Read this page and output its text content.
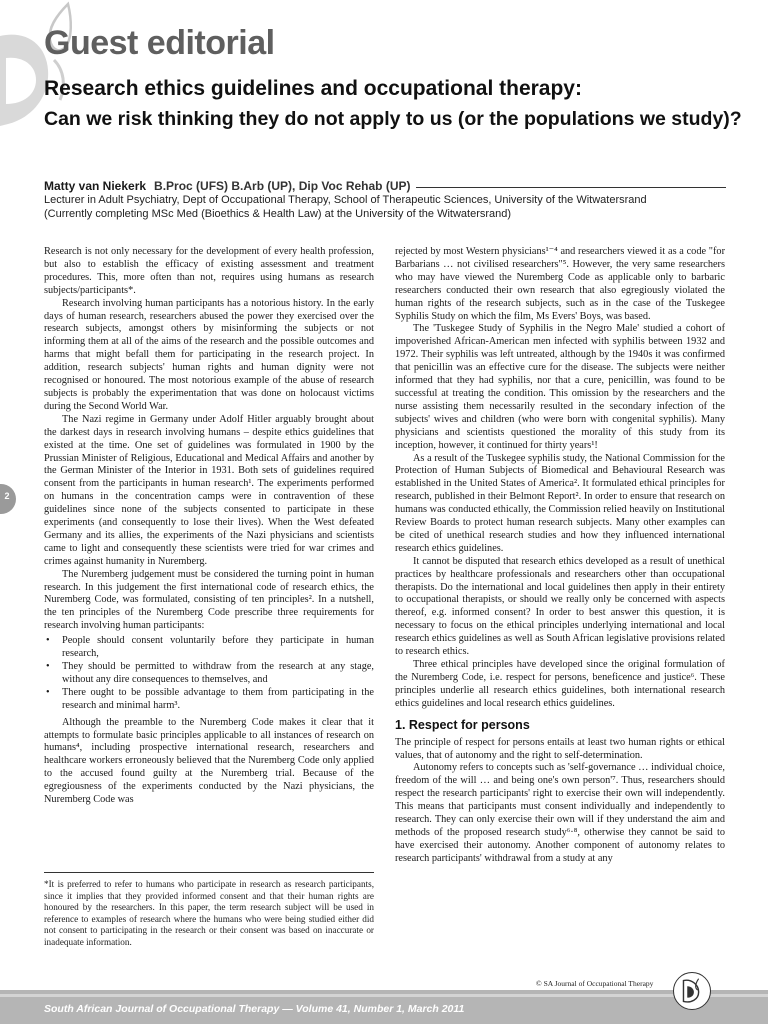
Guest editorial
Research ethics guidelines and occupational therapy:
Can we risk thinking they do not apply to us (or the populations we study)?
Matty van Niekerk B.Proc (UFS) B.Arb (UP), Dip Voc Rehab (UP)
Lecturer in Adult Psychiatry, Dept of Occupational Therapy, School of Therapeutic Sciences, University of the Witwatersrand
(Currently completing MSc Med (Bioethics & Health Law) at the University of the Witwatersrand)

Research is not only necessary for the development of every health profession, but also to establish the efficacy of existing assessment and treatment procedures. This, more often than not, requires using humans as research subjects/participants*.

Research involving human participants has a notorious history. In the early days of human research, researchers abused the power they exercised over the research subjects, amongst others by misinforming the subjects or not informing them at all of the aims of the research and the possible outcomes and harms that might befall them for participating in the research project. In addition, research subjects' human rights and human dignity were not recognised or honoured. The most notorious example of the abuse of research subjects is probably the experimentation that was done on holocaust victims during the Second World War.

The Nazi regime in Germany under Adolf Hitler arguably brought about the darkest days in research involving humans – despite ethics guidelines that existed at the time. One set of guidelines was formulated in 1900 by the Prussian Minister of Religious, Educational and Medical Affairs and another by the German Minister of the Interior in 1931. Both sets of guidelines required consent from the participants in human research¹. The experiments performed on humans in the concentration camps were in contravention of these guidelines since none of the subjects consented to participate in these experiments (and consequently to lose their lives). When the West defeated Germany and its allies, the experiments of the Nazi physicians and scientists came to light and consequently these scientists were tried for war crimes and crimes against humanity in Nuremberg.

The Nuremberg judgement must be considered the turning point in human research. In this judgement the first international code of research ethics, the Nuremberg Code, was formulated, consisting of ten principles². In a nutshell, the ten principles of the Nuremberg Code prescribe three requirements for research involving human participants:

• People should consent voluntarily before they participate in human research,
• They should be permitted to withdraw from the research at any stage, without any dire consequences to themselves, and
• There ought to be possible advantage to them from participating in the research and minimal harm³.

Although the preamble to the Nuremberg Code makes it clear that it attempts to formulate basic principles applicable to all instances of research on humans⁴, including prospective international research, researchers and healthcare workers erroneously believed that the Nuremberg Code only applied to the accused found guilty at the Nuremberg trial. Because of the egregiousness of the experiments conducted by the Nazi physicians, the Nuremberg Code was

rejected by most Western physicians¹⁻⁴ and researchers viewed it as a code "for Barbarians … not civilised researchers"⁵. However, the very same researchers who may have viewed the Nuremberg Code as applicable only to barbaric researchers conducted their own research that also egregiously violated the human rights of the research subjects, such as in the case of the Tuskegee Syphilis Study on which the film, Ms Evers' Boys, was based.

The 'Tuskegee Study of Syphilis in the Negro Male' studied a cohort of impoverished African-American men infected with syphilis between 1932 and 1972. Their syphilis was left untreated, although by the 1940s it was confirmed that penicillin was an effective cure for the disease. The subjects were neither informed that they had syphilis, nor that a cure, penicillin, was found to be successful at treating the condition. This omission by the researchers and the nurse assisting them necessarily resulted in the secondary infection of the subjects' wives and children (who were born with congenital syphilis). Many physicians and scientists questioned the morality of this study from its inception, however, it continued for thirty years¹!

As a result of the Tuskegee syphilis study, the National Commission for the Protection of Human Subjects of Biomedical and Behavioural Research was established in the United States of America². It formulated ethical principles for research, published in their Belmont Report². In order to ensure that research on humans was conducted ethically, the Commission relied heavily on Institutional Review Boards to protect human research subjects. Many other examples can be cited of unethical research studies and how they influenced international research ethics guidelines.

It cannot be disputed that research ethics developed as a result of unethical practices by healthcare professionals and researchers other than occupational therapists. Do the international and local guidelines then apply in their entirety to occupational therapists, or should we really only be concerned with aspects thereof, e.g. informed consent? In order to best answer this question, it is necessary to focus on the ethical principles underlying international and local research ethics guidelines as well as South African legislative provisions related to research ethics.

Three ethical principles have developed since the original formulation of the Nuremberg Code, i.e. respect for persons, beneficence and justice⁶. These principles underlie all research ethics guidelines, both international research ethics guidelines and local research ethics guidelines.

1. Respect for persons

The principle of respect for persons entails at least two human rights or ethical values, that of autonomy and the right to self-determination.

Autonomy refers to concepts such as 'self-governance … individual choice, freedom of the will … and being one's own person'⁷. Thus, researchers should respect the research participants' right to exercise their own will independently. This means that participants must consent individually and independently to research. They can only exercise their own will if they understand the aim and methods of the proposed research study⁶·⁸, otherwise they cannot be said to have exercised their autonomy. Another component of autonomy relates to research participants' withdrawal from a study at any

*It is preferred to refer to humans who participate in research as research participants, since it implies that they provided informed consent and that their human rights are honoured by the researchers. In this paper, the term research subject will be used in reference to examples of research where the humans who were being studied either did not consent to participating in the research or their consent was based on inaccurate or inadequate information.
2
© SA Journal of Occupational Therapy
South African Journal of Occupational Therapy — Volume 41, Number 1, March 2011
